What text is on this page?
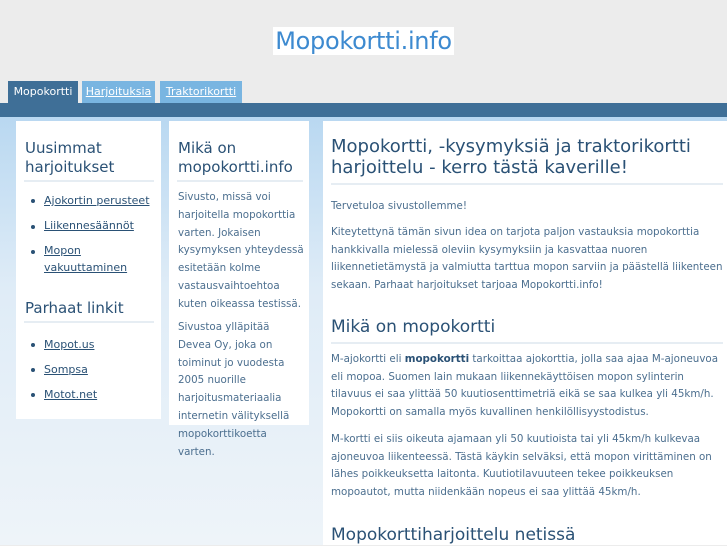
Mopokortti.info
Mopokortti	Harjoituksia	Traktorikortti
Uusimmat harjoitukset
Ajokortin perusteet
Liikennesäännöt
Mopon vakuuttaminen
Parhaat linkit
Mopot.us
Sompsa
Motot.net
Mikä on mopokortti.info
Sivusto, missä voi harjoitella mopokorttia varten. Jokaisen kysymyksen yhteydessä esitetään kolme vastausvaihtoehtoa kuten oikeassa testissä.
Sivustoa ylläpitää Devea Oy, joka on toiminut jo vuodesta 2005 nuorille harjoitusmateriaalia internetin välityksellä mopokorttikoetta varten.
Mopokortti, -kysymyksiä ja traktorikortti harjoittelu - kerro tästä kaverille!
Tervetuloa sivustollemme!
Kiteytettynä tämän sivun idea on tarjota paljon vastauksia mopokorttia hankkivalla mielessä oleviin kysymyksiin ja kasvattaa nuoren liikennetietämystä ja valmiutta tarttua mopon sarviin ja päästellä liikenteen sekaan. Parhaat harjoitukset tarjoaa Mopokortti.info!
Mikä on mopokortti
M-ajokortti eli mopokortti tarkoittaa ajokorttia, jolla saa ajaa M-ajoneuvoa eli mopoa. Suomen lain mukaan liikennekäyttöisen mopon sylinterin tilavuus ei saa ylittää 50 kuutiosenttimetriä eikä se saa kulkea yli 45km/h. Mopokortti on samalla myös kuvallinen henkilöllisyystodistus.
M-kortti ei siis oikeuta ajamaan yli 50 kuutioista tai yli 45km/h kulkevaa ajoneuvoa liikenteessä. Tästä käykin selväksi, että mopon virittäminen on lähes poikkeuksetta laitonta. Kuutiotilavuuteen tekee poikkeuksen mopoautot, mutta niidenkään nopeus ei saa ylittää 45km/h.
Mopokorttiharjoittelu netissä
